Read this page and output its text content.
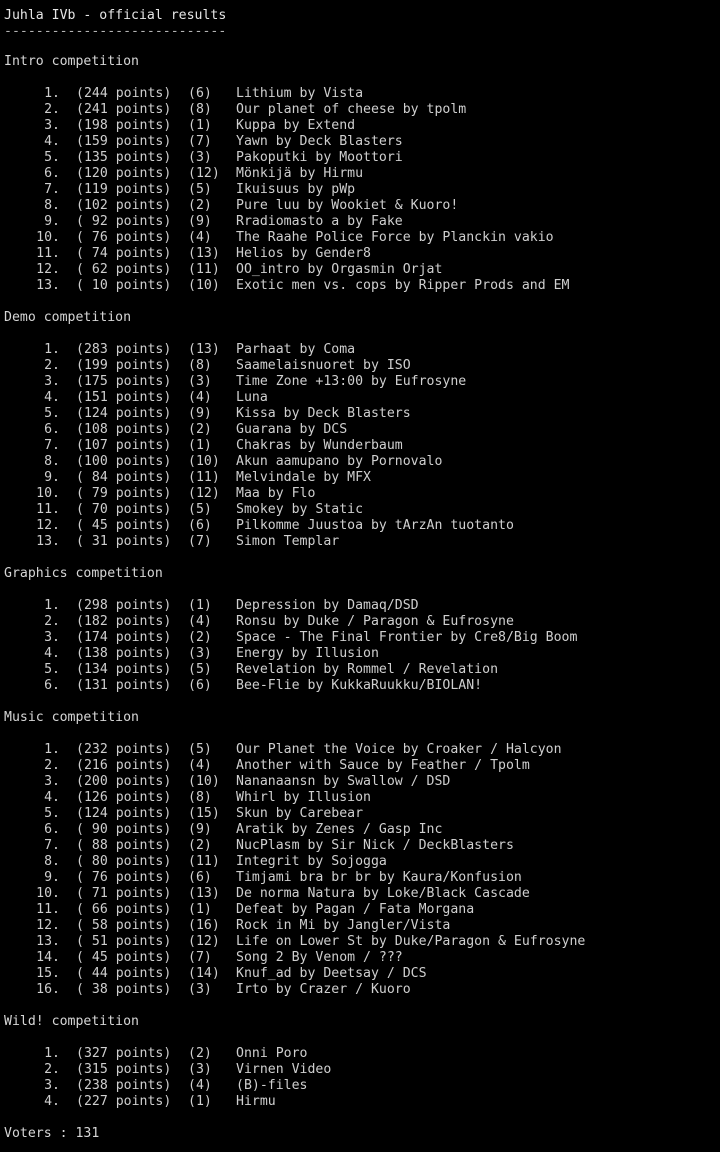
Juhla IVb - official results
----------------------------
Intro competition
1. (244 points) (6) Lithium by Vista
2. (241 points) (8) Our planet of cheese by tpolm
3. (198 points) (1) Kuppa by Extend
4. (159 points) (7) Yawn by Deck Blasters
5. (135 points) (3) Pakoputki by Moottori
6. (120 points) (12) Mönkijä by Hirmu
7. (119 points) (5) Ikuisuus by pWp
8. (102 points) (2) Pure luu by Wookiet & Kuoro!
9. ( 92 points) (9) Rradiomasto a by Fake
10. ( 76 points) (4) The Raahe Police Force by Planckin vakio
11. ( 74 points) (13) Helios by Gender8
12. ( 62 points) (11) OO_intro by Orgasmin Orjat
13. ( 10 points) (10) Exotic men vs. cops by Ripper Prods and EM
Demo competition
1. (283 points) (13) Parhaat by Coma
2. (199 points) (8) Saamelaisnuoret by ISO
3. (175 points) (3) Time Zone +13:00 by Eufrosyne
4. (151 points) (4) Luna
5. (124 points) (9) Kissa by Deck Blasters
6. (108 points) (2) Guarana by DCS
7. (107 points) (1) Chakras by Wunderbaum
8. (100 points) (10) Akun aamupano by Pornovalo
9. ( 84 points) (11) Melvindale by MFX
10. ( 79 points) (12) Maa by Flo
11. ( 70 points) (5) Smokey by Static
12. ( 45 points) (6) Pilkomme Juustoa by tArzAn tuotanto
13. ( 31 points) (7) Simon Templar
Graphics competition
1. (298 points) (1) Depression by Damaq/DSD
2. (182 points) (4) Ronsu by Duke / Paragon & Eufrosyne
3. (174 points) (2) Space - The Final Frontier by Cre8/Big Boom
4. (138 points) (3) Energy by Illusion
5. (134 points) (5) Revelation by Rommel / Revelation
6. (131 points) (6) Bee-Flie by KukkaRuukku/BIOLAN!
Music competition
1. (232 points) (5) Our Planet the Voice by Croaker / Halcyon
2. (216 points) (4) Another with Sauce by Feather / Tpolm
3. (200 points) (10) Nananaansn by Swallow / DSD
4. (126 points) (8) Whirl by Illusion
5. (124 points) (15) Skun by Carebear
6. ( 90 points) (9) Aratik by Zenes / Gasp Inc
7. ( 88 points) (2) NucPlasm by Sir Nick / DeckBlasters
8. ( 80 points) (11) Integrit by Sojogga
9. ( 76 points) (6) Timjami bra br br by Kaura/Konfusion
10. ( 71 points) (13) De norma Natura by Loke/Black Cascade
11. ( 66 points) (1) Defeat by Pagan / Fata Morgana
12. ( 58 points) (16) Rock in Mi by Jangler/Vista
13. ( 51 points) (12) Life on Lower St by Duke/Paragon & Eufrosyne
14. ( 45 points) (7) Song 2 By Venom / ???
15. ( 44 points) (14) Knuf_ad by Deetsay / DCS
16. ( 38 points) (3) Irto by Crazer / Kuoro
Wild! competition
1. (327 points) (2) Onni Poro
2. (315 points) (3) Virnen Video
3. (238 points) (4) (B)-files
4. (227 points) (1) Hirmu
Voters : 131
